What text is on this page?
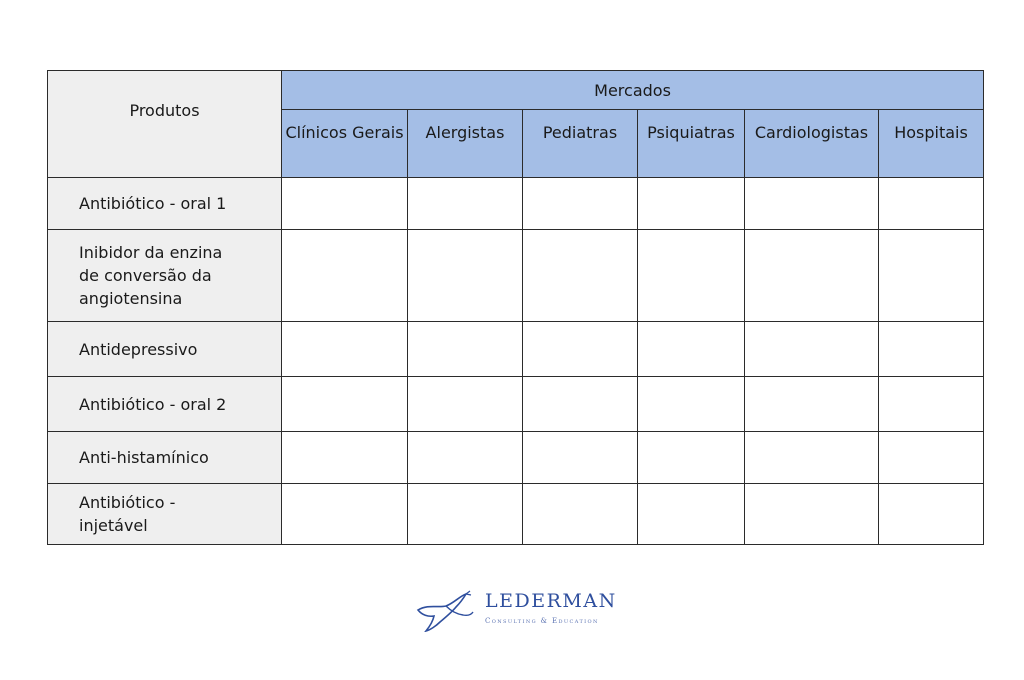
Produtos	Mercados					
	Clínicos Gerais	Alergistas	Pediatras	Psiquiatras	Cardiologistas	Hospitais
Antibiótico - oral 1						

Inibidor da enzina de conversão da angiotensina						

Antidepressivo						
Antibiótico - oral 2						
Anti-histamínico						

Antibiótico - injetável						

LEDERMAN
Consulting & Education
